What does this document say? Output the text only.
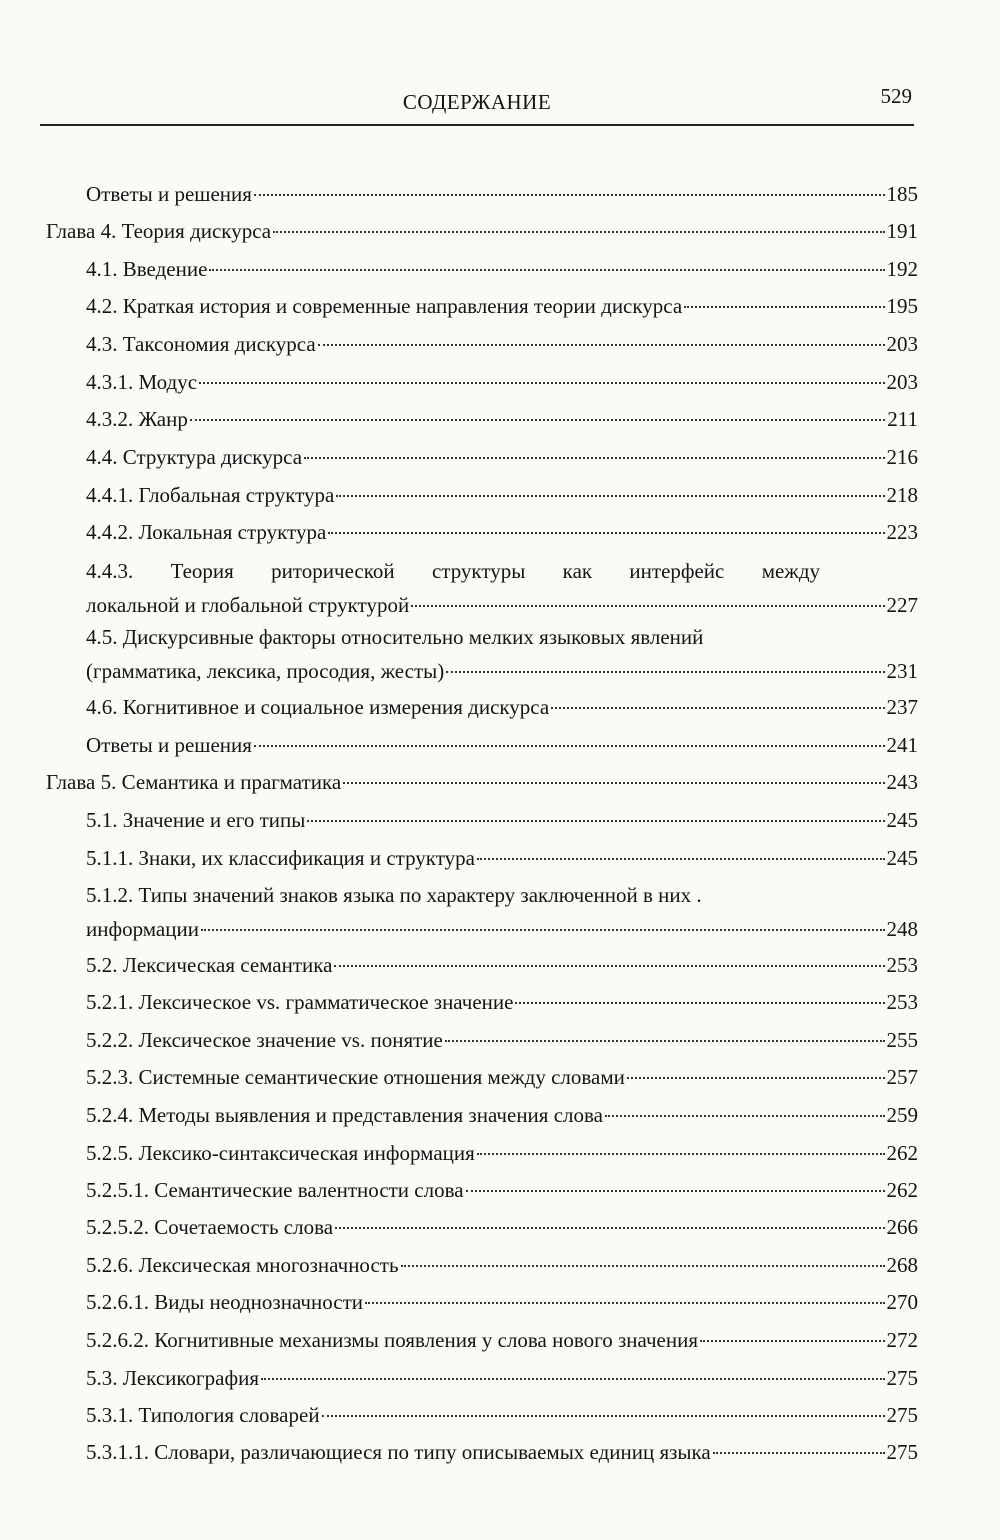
СОДЕРЖАНИЕ	529
Ответы и решения	185
Глава 4. Теория дискурса	191
4.1. Введение	192
4.2. Краткая история и современные направления теории дискурса	195
4.3. Таксономия дискурса	203
4.3.1. Модус	203
4.3.2. Жанр	211
4.4. Структура дискурса	216
4.4.1. Глобальная структура	218
4.4.2. Локальная структура	223
4.4.3. Теория риторической структуры как интерфейс между
локальной и глобальной структурой	227
4.5. Дискурсивные факторы относительно мелких языковых явлений
(грамматика, лексика, просодия, жесты)	231
4.6. Когнитивное и социальное измерения дискурса	237
Ответы и решения	241
Глава 5. Семантика и прагматика	243
5.1. Значение и его типы	245
5.1.1. Знаки, их классификация и структура	245
5.1.2. Типы значений знаков языка по характеру заключенной в них .
информации	248
5.2. Лексическая семантика	253
5.2.1. Лексическое vs. грамматическое значение	253
5.2.2. Лексическое значение vs. понятие	255
5.2.3. Системные семантические отношения между словами	257
5.2.4. Методы выявления и представления значения слова	259
5.2.5. Лексико-синтаксическая информация	262
5.2.5.1. Семантические валентности слова	262
5.2.5.2. Сочетаемость слова	266
5.2.6. Лексическая многозначность	268
5.2.6.1. Виды неоднозначности	270
5.2.6.2. Когнитивные механизмы появления у слова нового значения	272
5.3. Лексикография	275
5.3.1. Типология словарей	275
5.3.1.1. Словари, различающиеся по типу описываемых единиц языка	275
